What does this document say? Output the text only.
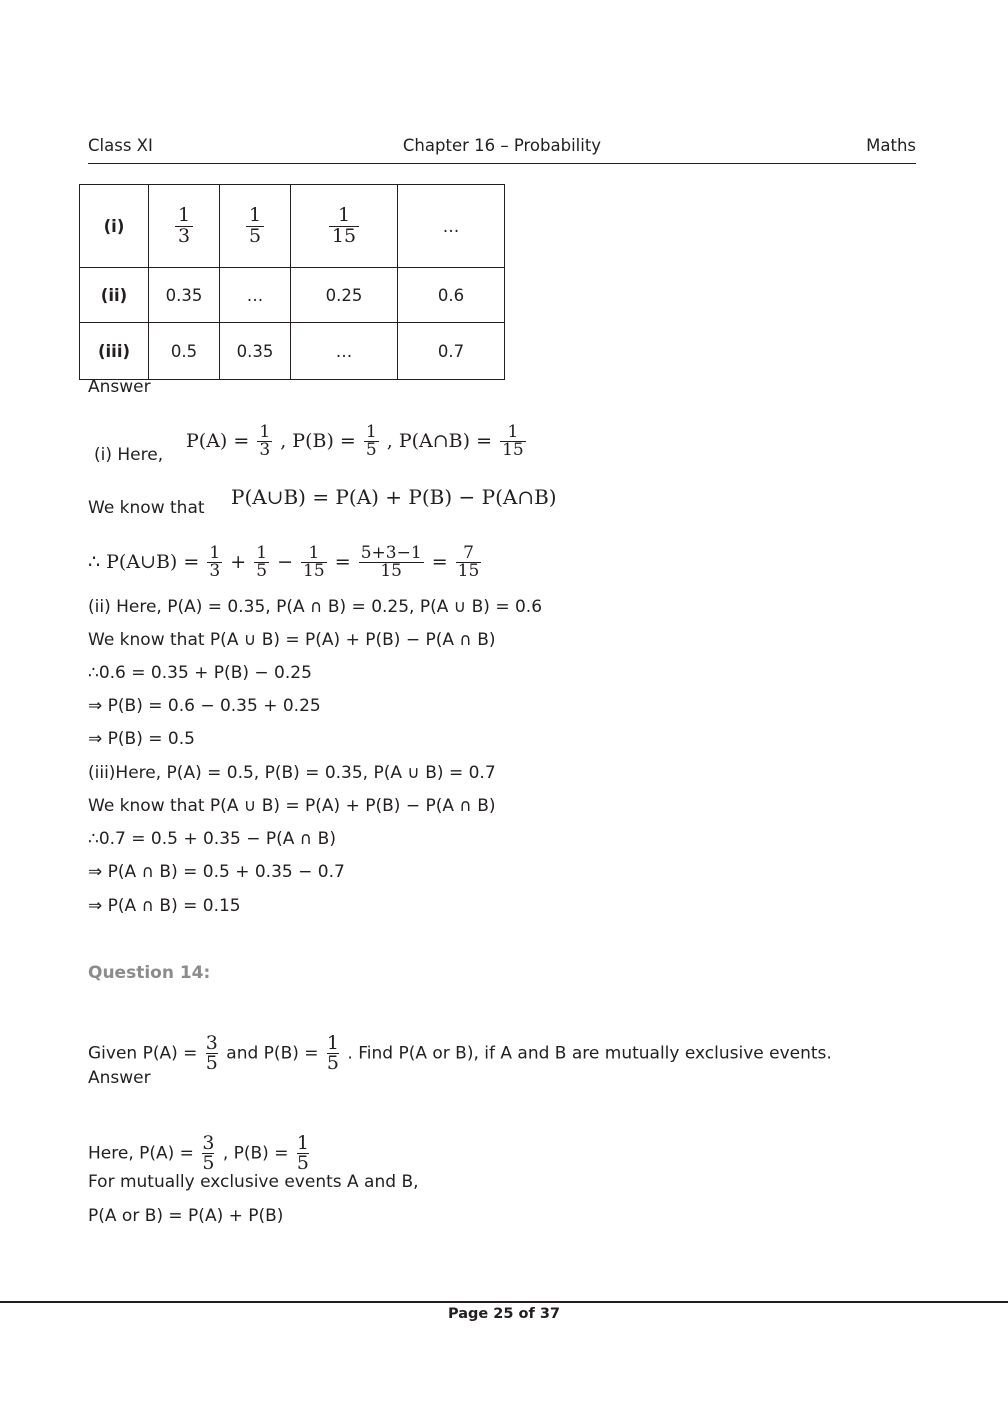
Class XI	Chapter 16 – Probability	Maths
(i)	$\frac{1}{3}$	$\frac{1}{5}$	$\frac{1}{15}$	…
(ii)	0.35	…	0.25	0.6
(iii)	0.5	0.35	…	0.7
Answer
(i) Here,
$P(A) = \frac{1}{3}$ , $P(B) = \frac{1}{5}$ , P(A∩B) = $\frac{1}{15}$
We know that P(A∪B) = P(A) + P(B) − P(A∩B)
∴ P(A∪B) = $\frac{1}{3} + \frac{1}{5} - \frac{1}{15} = \frac{5+3-1}{15} = \frac{7}{15}$
(ii) Here, P(A) = 0.35, P(A ∩ B) = 0.25, P(A ∪ B) = 0.6
We know that P(A ∪ B) = P(A) + P(B) − P(A ∩ B)
∴0.6 = 0.35 + P(B) − 0.25
⇒ P(B) = 0.6 − 0.35 + 0.25
⇒ P(B) = 0.5
(iii)Here, P(A) = 0.5, P(B) = 0.35, P(A ∪ B) = 0.7
We know that P(A ∪ B) = P(A) + P(B) − P(A ∩ B)
∴0.7 = 0.5 + 0.35 − P(A ∩ B)
⇒ P(A ∩ B) = 0.5 + 0.35 − 0.7
⇒ P(A ∩ B) = 0.15
Question 14:
Given $P(A) = \frac{3}{5}$ and $P(B) = \frac{1}{5}$ . Find P(A or B), if A and B are mutually exclusive events.
Answer
Here, $P(A) = \frac{3}{5}$ , $P(B) = \frac{1}{5}$
For mutually exclusive events A and B,
P(A or B) = P(A) + P(B)
Page 25 of 37
